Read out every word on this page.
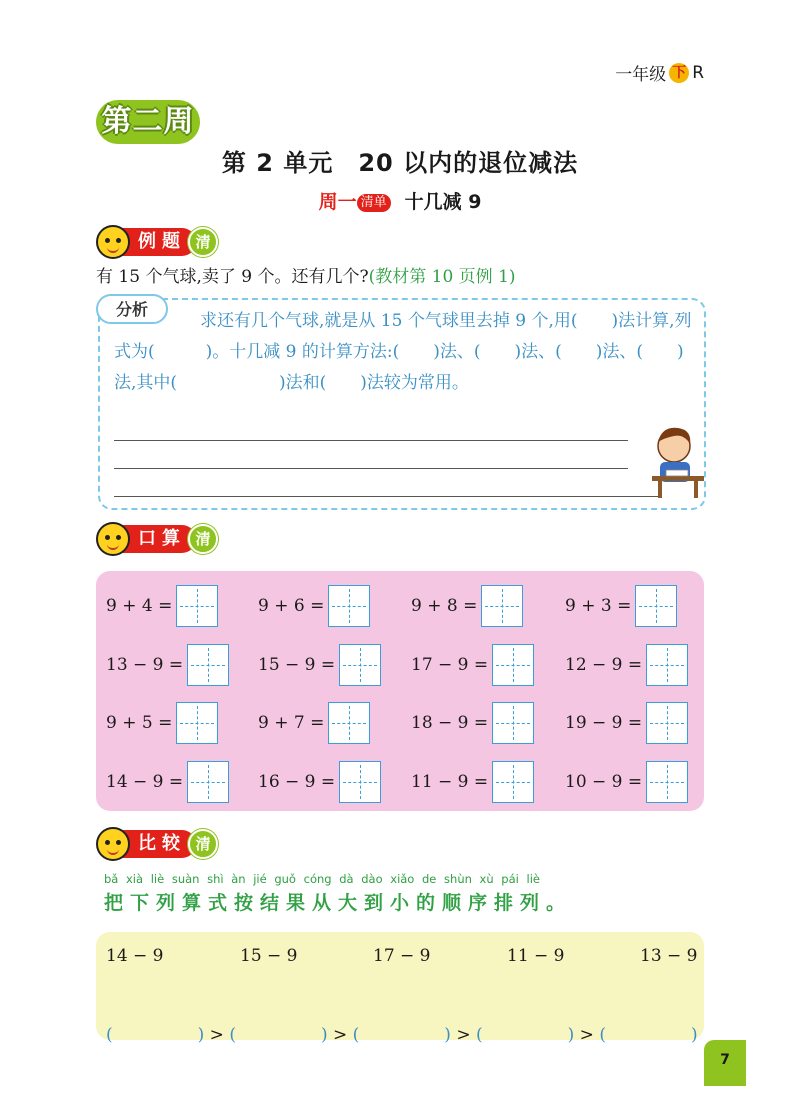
一年级 下 R
第二周
第 2 单元　20 以内的退位减法
周一 清单 十几减 9
例题 清
有 15 个气球,卖了 9 个。还有几个?(教材第 10 页例 1)
分析
求还有几个气球,就是从 15 个气球里去掉 9 个,用(　　)法计算,列式为(　　　)。十几减 9 的计算方法:(　　)法、(　　)法、(　　)法、(　　)法,其中(　　　　　　)法和(　　)法较为常用。
口算 清
9 + 4 =	9 + 6 =	9 + 8 =	9 + 3 =
13 − 9 =	15 − 9 =	17 − 9 =	12 − 9 =
9 + 5 =	9 + 7 =	18 − 9 =	19 − 9 =
14 − 9 =	16 − 9 =	11 − 9 =	10 − 9 =
比较 清
bǎ xià liè suàn shì àn jié guǒ cóng dà dào xiǎo de shùn xù pái liè
把下列算式按结果从大到小的顺序排列。
14 − 9	15 − 9	17 − 9	11 − 9	13 − 9
(　　　　　) > (　　　　　) > (　　　　　) > (　　　　　) > (　　　　　)
7
